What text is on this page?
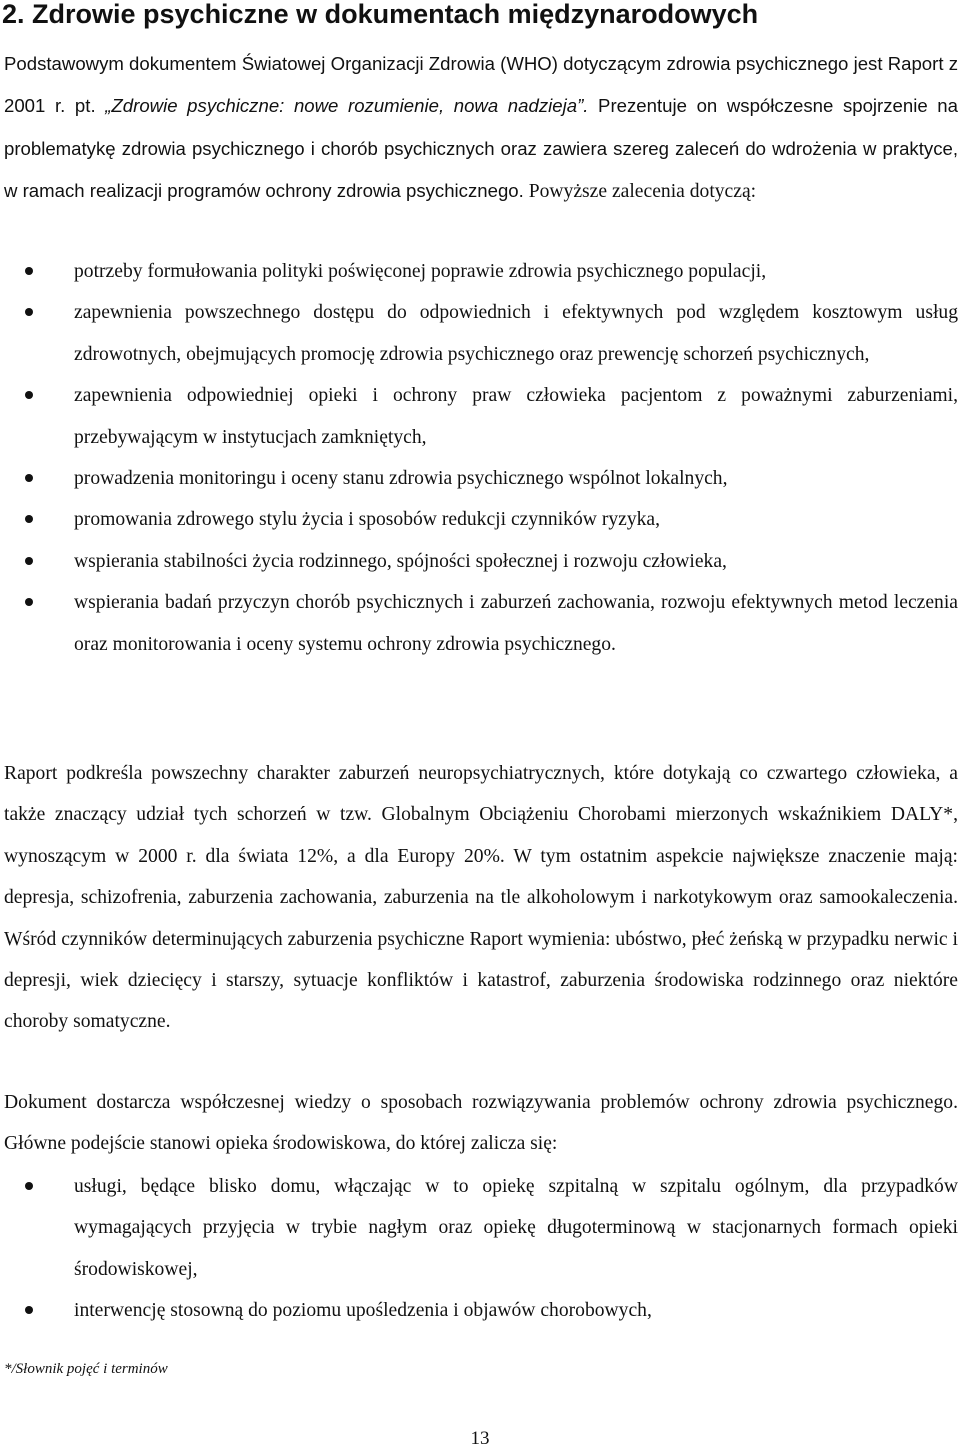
2. Zdrowie psychiczne w dokumentach międzynarodowych

Podstawowym dokumentem Światowej Organizacji Zdrowia (WHO) dotyczącym zdrowia psychicznego jest Raport z 2001 r. pt. „Zdrowie psychiczne: nowe rozumienie, nowa nadzieja”. Prezentuje on współczesne spojrzenie na problematykę zdrowia psychicznego i chorób psychicznych oraz zawiera szereg zaleceń do wdrożenia w praktyce, w ramach realizacji programów ochrony zdrowia psychicznego. Powyższe zalecenia dotyczą:

potrzeby formułowania polityki poświęconej poprawie zdrowia psychicznego populacji,
zapewnienia powszechnego dostępu do odpowiednich i efektywnych pod względem kosztowym usług zdrowotnych, obejmujących promocję zdrowia psychicznego oraz prewencję schorzeń psychicznych,
zapewnienia odpowiedniej opieki i ochrony praw człowieka pacjentom z poważnymi zaburzeniami, przebywającym w instytucjach zamkniętych,
prowadzenia monitoringu i oceny stanu zdrowia psychicznego wspólnot lokalnych,
promowania zdrowego stylu życia i sposobów redukcji czynników ryzyka,
wspierania stabilności życia rodzinnego, spójności społecznej i rozwoju człowieka,
wspierania badań przyczyn chorób psychicznych i zaburzeń zachowania, rozwoju efektywnych metod leczenia oraz monitorowania i oceny systemu ochrony zdrowia psychicznego.

Raport podkreśla powszechny charakter zaburzeń neuropsychiatrycznych, które dotykają co czwartego człowieka, a także znaczący udział tych schorzeń w tzw. Globalnym Obciążeniu Chorobami mierzonych wskaźnikiem DALY*, wynoszącym w 2000 r. dla świata 12%, a dla Europy 20%. W tym ostatnim aspekcie największe znaczenie mają: depresja, schizofrenia, zaburzenia zachowania, zaburzenia na tle alkoholowym i narkotykowym oraz samookaleczenia. Wśród czynników determinujących zaburzenia psychiczne Raport wymienia: ubóstwo, płeć żeńską w przypadku nerwic i depresji, wiek dziecięcy i starszy, sytuacje konfliktów i katastrof, zaburzenia środowiska rodzinnego oraz niektóre choroby somatyczne.

Dokument dostarcza współczesnej wiedzy o sposobach rozwiązywania problemów ochrony zdrowia psychicznego. Główne podejście stanowi opieka środowiskowa, do której zalicza się:

usługi, będące blisko domu, włączając w to opiekę szpitalną w szpitalu ogólnym, dla przypadków wymagających przyjęcia w trybie nagłym oraz opiekę długoterminową w stacjonarnych formach opieki środowiskowej,
interwencję stosowną do poziomu upośledzenia i objawów chorobowych,
*/Słownik pojęć i terminów
13
